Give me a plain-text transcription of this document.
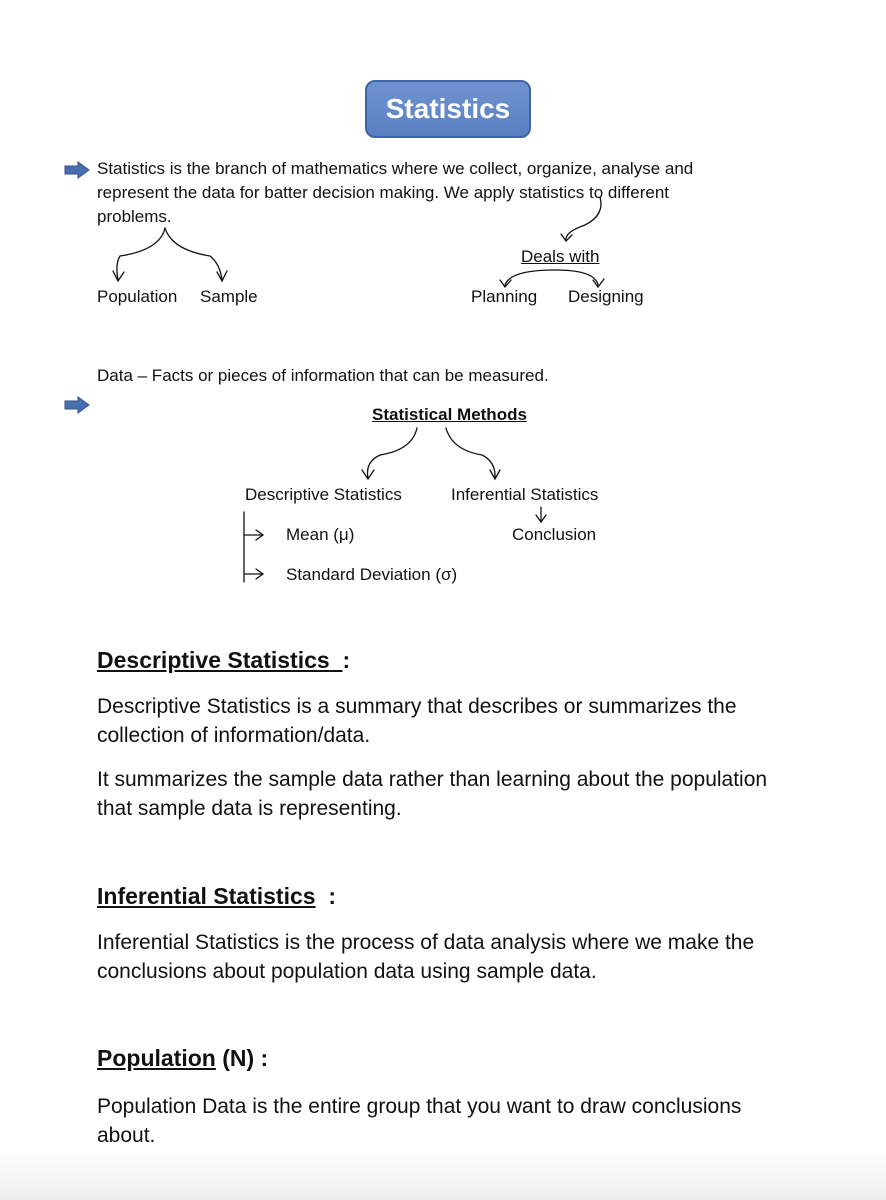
Statistics
Statistics is the branch of mathematics where we collect, organize, analyse and
represent the data for batter decision making. We apply statistics to different
problems.
Population Sample
Deals with
Planning Designing
Data – Facts or pieces of information that can be measured.
Statistical Methods
Descriptive Statistics	Inferential Statistics
Mean (μ)
Standard Deviation (σ)
Conclusion
Descriptive Statistics :
Descriptive Statistics is a summary that describes or summarizes the
collection of information/data.
It summarizes the sample data rather than learning about the population
that sample data is representing.
Inferential Statistics :
Inferential Statistics is the process of data analysis where we make the
conclusions about population data using sample data.
Population (N) :
Population Data is the entire group that you want to draw conclusions
about.
